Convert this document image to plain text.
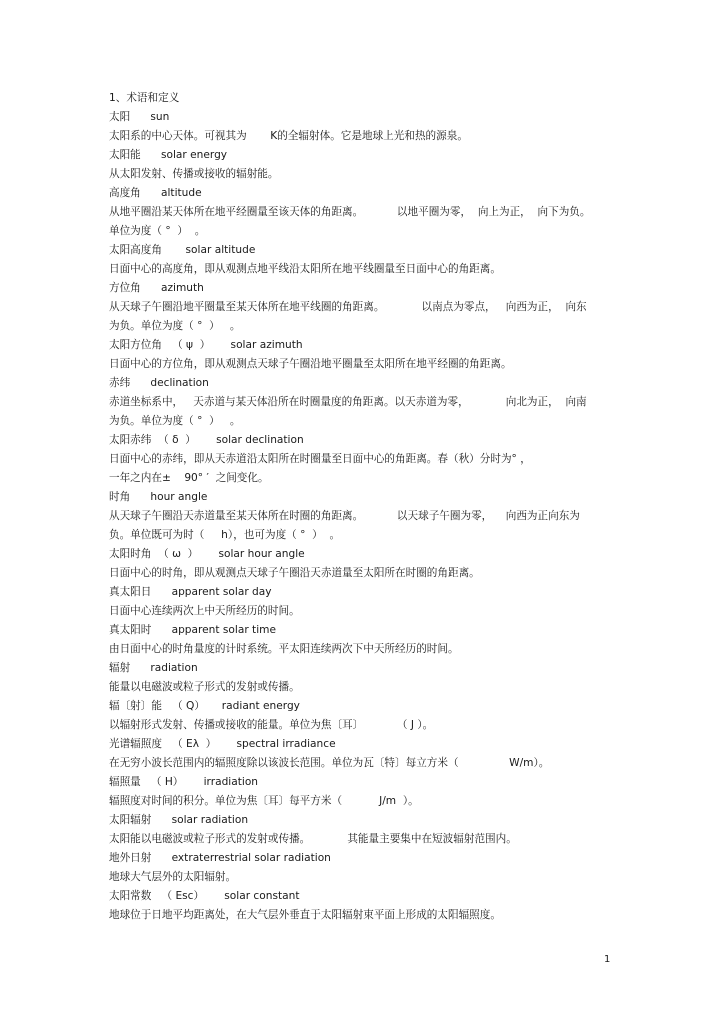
1、术语和定义
太阳      sun
太阳系的中心天体。可视其为       K的全辐射体。它是地球上光和热的源泉。
太阳能      solar energy
从太阳发射、传播或接收的辐射能。
高度角      altitude
从地平圈沿某天体所在地平经圈量至该天体的角距离。          以地平圈为零，  向上为正，  向下为负。
单位为度（ °  ）  。
太阳高度角       solar altitude
日面中心的高度角，即从观测点地平线沿太阳所在地平线圈量至日面中心的角距离。
方位角      azimuth
从天球子午圈沿地平圈量至某天体所在地平线圈的角距离。           以南点为零点，   向西为正，  向东
为负。单位为度（ °  ）   。
太阳方位角   （ ψ  ）      solar azimuth
日面中心的方位角，即从观测点天球子午圈沿地平圈量至太阳所在地平经圈的角距离。
赤纬      declination
赤道坐标系中，   天赤道与某天体沿所在时圈量度的角距离。以天赤道为零，           向北为正，  向南
为负。单位为度（ °  ）   。
太阳赤纬  （ δ  ）      solar declination
日面中心的赤纬，即从天赤道沿太阳所在时圈量至日面中心的角距离。春（秋）分时为° ，
一年之内在±    90° ′  之间变化。
时角      hour angle
从天球子午圈沿天赤道量至某天体所在时圈的角距离。          以天球子午圈为零，    向西为正向东为
负。单位既可为时（     h），也可为度（ °  ）  。
太阳时角  （ ω  ）      solar hour angle
日面中心的时角，即从观测点天球子午圈沿天赤道量至太阳所在时圈的角距离。
真太阳日      apparent solar day
日面中心连续两次上中天所经历的时间。
真太阳时      apparent solar time
由日面中心的时角量度的计时系统。平太阳连续两次下中天所经历的时间。
辐射      radiation
能量以电磁波或粒子形式的发射或传播。
辐〔射〕能   （ Q）     radiant energy
以辐射形式发射、传播或接收的能量。单位为焦〔耳〕          （ J ）。
光谱辐照度   （ Eλ  ）      spectral irradiance
在无穷小波长范围内的辐照度除以该波长范围。单位为瓦〔特〕每立方米（               W/m）。
辐照量   （ H）      irradiation
辐照度对时间的积分。单位为焦〔耳〕每平方米（           J/m  ）。
太阳辐射      solar radiation
太阳能以电磁波或粒子形式的发射或传播。           其能量主要集中在短波辐射范围内。
地外日射      extraterrestrial solar radiation
地球大气层外的太阳辐射。
太阳常数   （ Esc）      solar constant
地球位于日地平均距离处，在大气层外垂直于太阳辐射束平面上形成的太阳辐照度。
1
